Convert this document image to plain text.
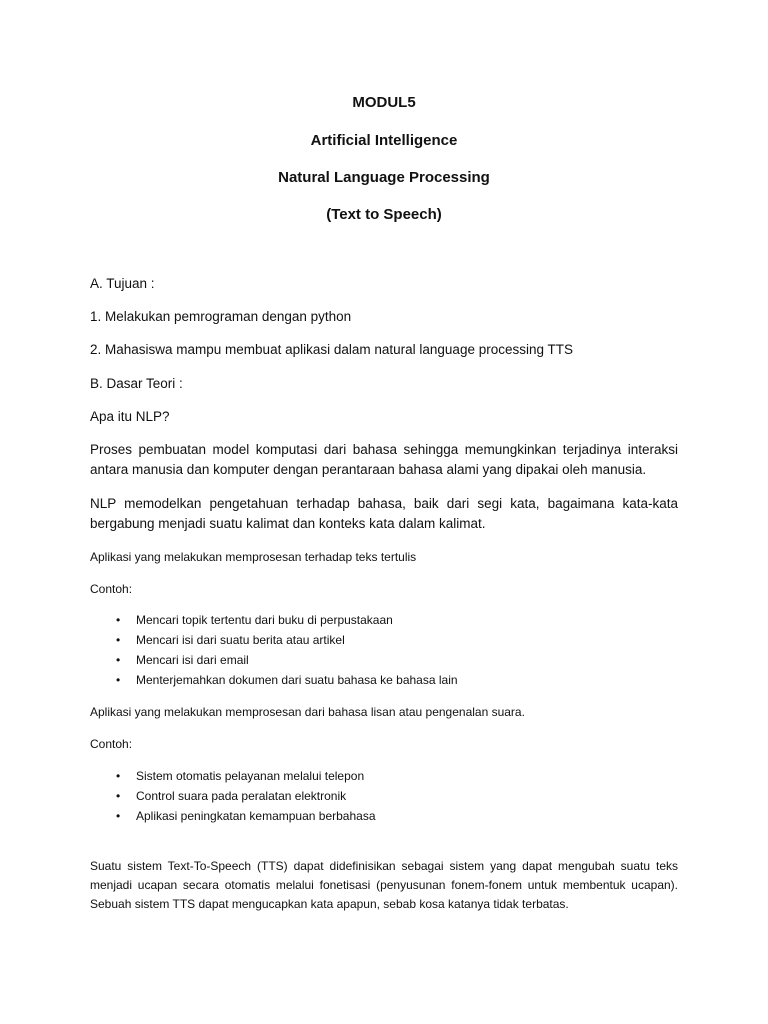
MODUL5
Artificial Intelligence
Natural Language Processing
(Text to Speech)

A. Tujuan :

1. Melakukan pemrograman dengan python

2. Mahasiswa mampu membuat aplikasi dalam natural language processing TTS

B. Dasar Teori :

Apa itu NLP?

Proses pembuatan model komputasi dari bahasa sehingga memungkinkan terjadinya interaksi antara manusia dan komputer dengan perantaraan bahasa alami yang dipakai oleh manusia.

NLP memodelkan pengetahuan terhadap bahasa, baik dari segi kata, bagaimana kata-kata bergabung menjadi suatu kalimat dan konteks kata dalam kalimat.

Aplikasi yang melakukan memprosesan terhadap teks tertulis

Contoh:

• Mencari topik tertentu dari buku di perpustakaan
• Mencari isi dari suatu berita atau artikel
• Mencari isi dari email
• Menterjemahkan dokumen dari suatu bahasa ke bahasa lain

Aplikasi yang melakukan memprosesan dari bahasa lisan atau pengenalan suara.

Contoh:

• Sistem otomatis pelayanan melalui telepon
• Control suara pada peralatan elektronik
• Aplikasi peningkatan kemampuan berbahasa

Suatu sistem Text-To-Speech (TTS) dapat didefinisikan sebagai sistem yang dapat mengubah suatu teks menjadi ucapan secara otomatis melalui fonetisasi (penyusunan fonem-fonem untuk membentuk ucapan). Sebuah sistem TTS dapat mengucapkan kata apapun, sebab kosa katanya tidak terbatas.
